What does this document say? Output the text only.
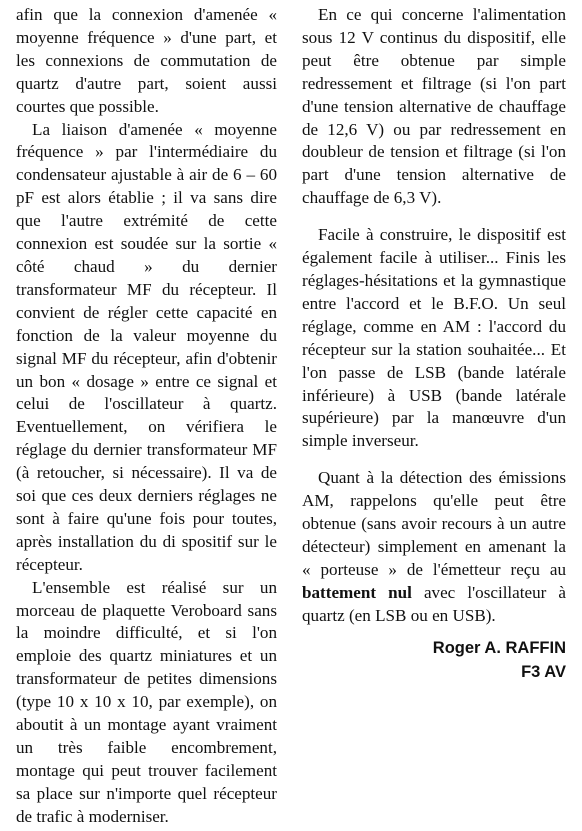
afin que la connexion d'amenée « moyenne fréquence » d'une part, et les connexions de commutation de quartz d'autre part, soient aussi courtes que possible.

La liaison d'amenée « moyenne fréquence » par l'intermédiaire du condensateur ajustable à air de 6 – 60 pF est alors établie ; il va sans dire que l'autre extrémité de cette connexion est soudée sur la sortie « côté chaud » du dernier transformateur MF du récepteur. Il convient de régler cette capacité en fonction de la valeur moyenne du signal MF du récepteur, afin d'obtenir un bon « dosage » entre ce signal et celui de l'oscillateur à quartz. Eventuellement, on vérifiera le réglage du dernier transformateur MF (à retoucher, si nécessaire). Il va de soi que ces deux derniers réglages ne sont à faire qu'une fois pour toutes, après installation du di spositif sur le récepteur.

L'ensemble est réalisé sur un morceau de plaquette Veroboard sans la moindre difficulté, et si l'on emploie des quartz miniatures et un transformateur de petites dimensions (type 10 x 10 x 10, par exemple), on aboutit à un montage ayant vraiment un très faible encombrement, montage qui peut trouver facilement sa place sur n'importe quel récepteur de trafic à moderniser.

En ce qui concerne l'alimentation sous 12 V continus du dispositif, elle peut être obtenue par simple redressement et filtrage (si l'on part d'une tension alternative de chauffage de 12,6 V) ou par redressement en doubleur de tension et filtrage (si l'on part d'une tension alternative de chauffage de 6,3 V).

Facile à construire, le dispositif est également facile à utiliser... Finis les réglages-hésitations et la gymnastique entre l'accord et le B.F.O. Un seul réglage, comme en AM : l'accord du récepteur sur la station souhaitée... Et l'on passe de LSB (bande latérale inférieure) à USB (bande latérale supérieure) par la manœuvre d'un simple inverseur.

Quant à la détection des émissions AM, rappelons qu'elle peut être obtenue (sans avoir recours à un autre détecteur) simplement en amenant la « porteuse » de l'émetteur reçu au battement nul avec l'oscillateur à quartz (en LSB ou en USB).

Roger A. RAFFIN
F3 AV
